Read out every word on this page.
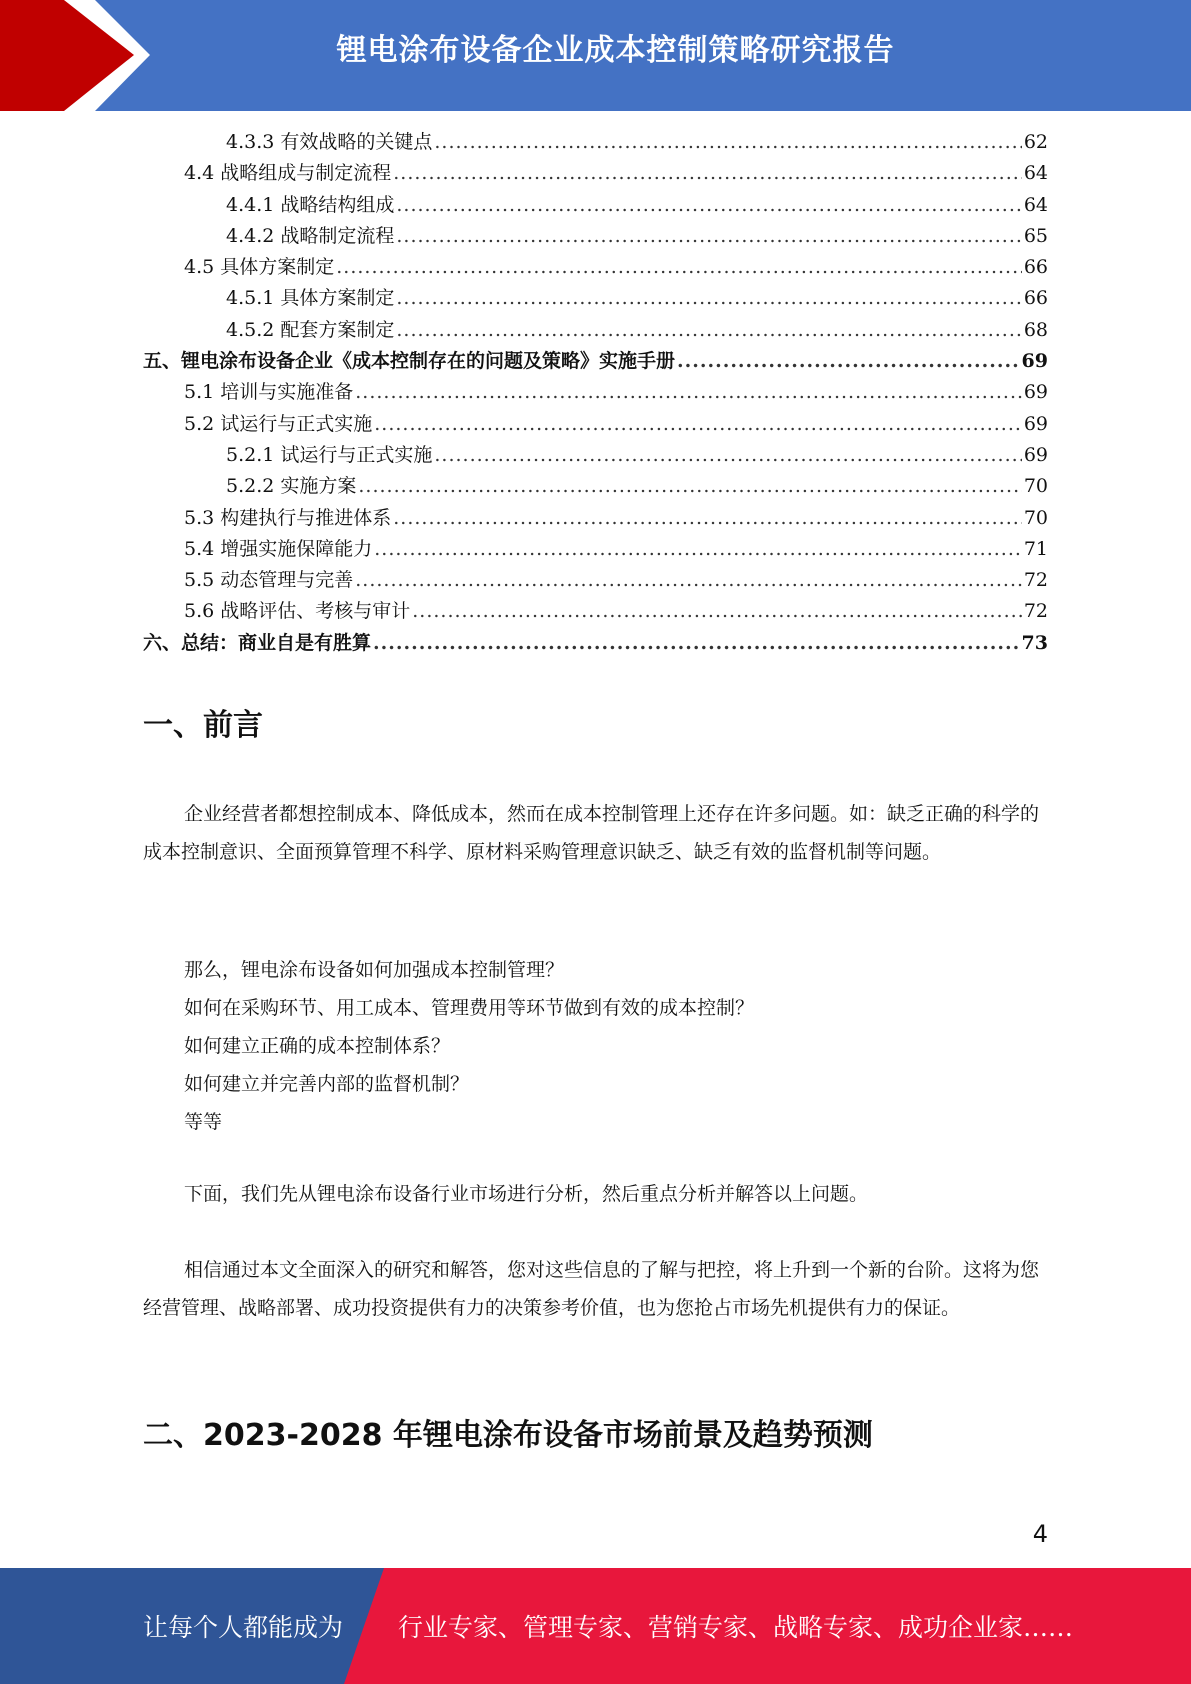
锂电涂布设备企业成本控制策略研究报告
4.3.3 有效战略的关键点 .....	62
4.4 战略组成与制定流程 .....	64
4.4.1 战略结构组成 .....	64
4.4.2 战略制定流程 .....	65
4.5 具体方案制定 .....	66
4.5.1 具体方案制定 .....	66
4.5.2 配套方案制定 .....	68
五、锂电涂布设备企业《成本控制存在的问题及策略》实施手册 .....	69
5.1 培训与实施准备 .....	69
5.2 试运行与正式实施 .....	69
5.2.1 试运行与正式实施 .....	69
5.2.2 实施方案 .....	70
5.3 构建执行与推进体系 .....	70
5.4 增强实施保障能力 .....	71
5.5 动态管理与完善 .....	72
5.6 战略评估、考核与审计 .....	72
六、总结：商业自是有胜算 .....	73
一、前言
企业经营者都想控制成本、降低成本，然而在成本控制管理上还存在许多问题。如：缺乏正确的科学的成本控制意识、全面预算管理不科学、原材料采购管理意识缺乏、缺乏有效的监督机制等问题。
那么，锂电涂布设备如何加强成本控制管理？
如何在采购环节、用工成本、管理费用等环节做到有效的成本控制？
如何建立正确的成本控制体系？
如何建立并完善内部的监督机制？
等等
下面，我们先从锂电涂布设备行业市场进行分析，然后重点分析并解答以上问题。
相信通过本文全面深入的研究和解答，您对这些信息的了解与把控，将上升到一个新的台阶。这将为您经营管理、战略部署、成功投资提供有力的决策参考价值，也为您抢占市场先机提供有力的保证。
二、2023-2028 年锂电涂布设备市场前景及趋势预测
4
让每个人都能成为 行业专家、管理专家、营销专家、战略专家、成功企业家……
